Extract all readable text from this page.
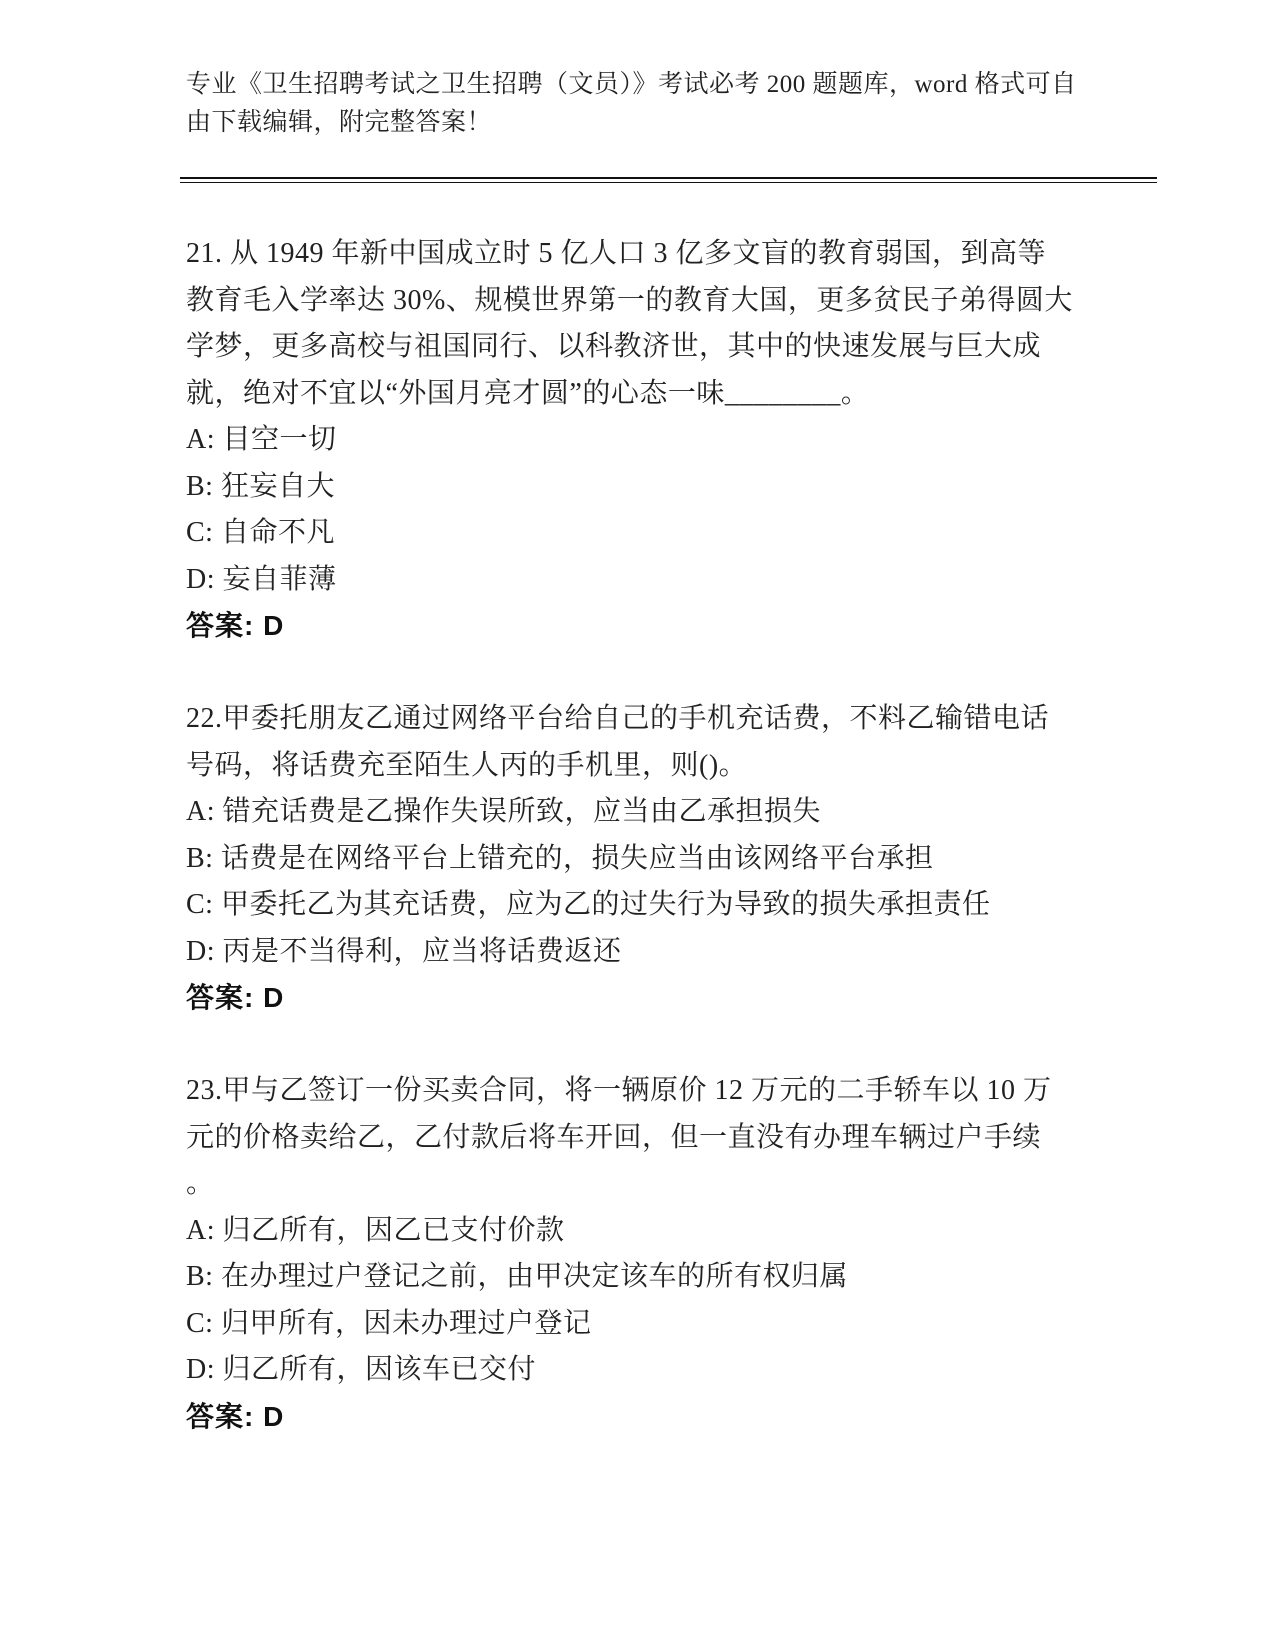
专业《卫生招聘考试之卫生招聘（文员）》考试必考 200 题题库，word 格式可自
由下载编辑，附完整答案！
21. 从 1949 年新中国成立时 5 亿人口 3 亿多文盲的教育弱国，到高等
教育毛入学率达 30%、规模世界第一的教育大国，更多贫民子弟得圆大
学梦，更多高校与祖国同行、以科教济世，其中的快速发展与巨大成
就，绝对不宜以“外国月亮才圆”的心态一味________。
A: 目空一切
B: 狂妄自大
C: 自命不凡
D: 妄自菲薄
答案: D
22.甲委托朋友乙通过网络平台给自己的手机充话费，不料乙输错电话
号码，将话费充至陌生人丙的手机里，则()。
A: 错充话费是乙操作失误所致，应当由乙承担损失
B: 话费是在网络平台上错充的，损失应当由该网络平台承担
C: 甲委托乙为其充话费，应为乙的过失行为导致的损失承担责任
D: 丙是不当得利，应当将话费返还
答案: D
23.甲与乙签订一份买卖合同，将一辆原价 12 万元的二手轿车以 10 万
元的价格卖给乙，乙付款后将车开回，但一直没有办理车辆过户手续
。
A: 归乙所有，因乙已支付价款
B: 在办理过户登记之前，由甲决定该车的所有权归属
C: 归甲所有，因未办理过户登记
D: 归乙所有，因该车已交付
答案: D
